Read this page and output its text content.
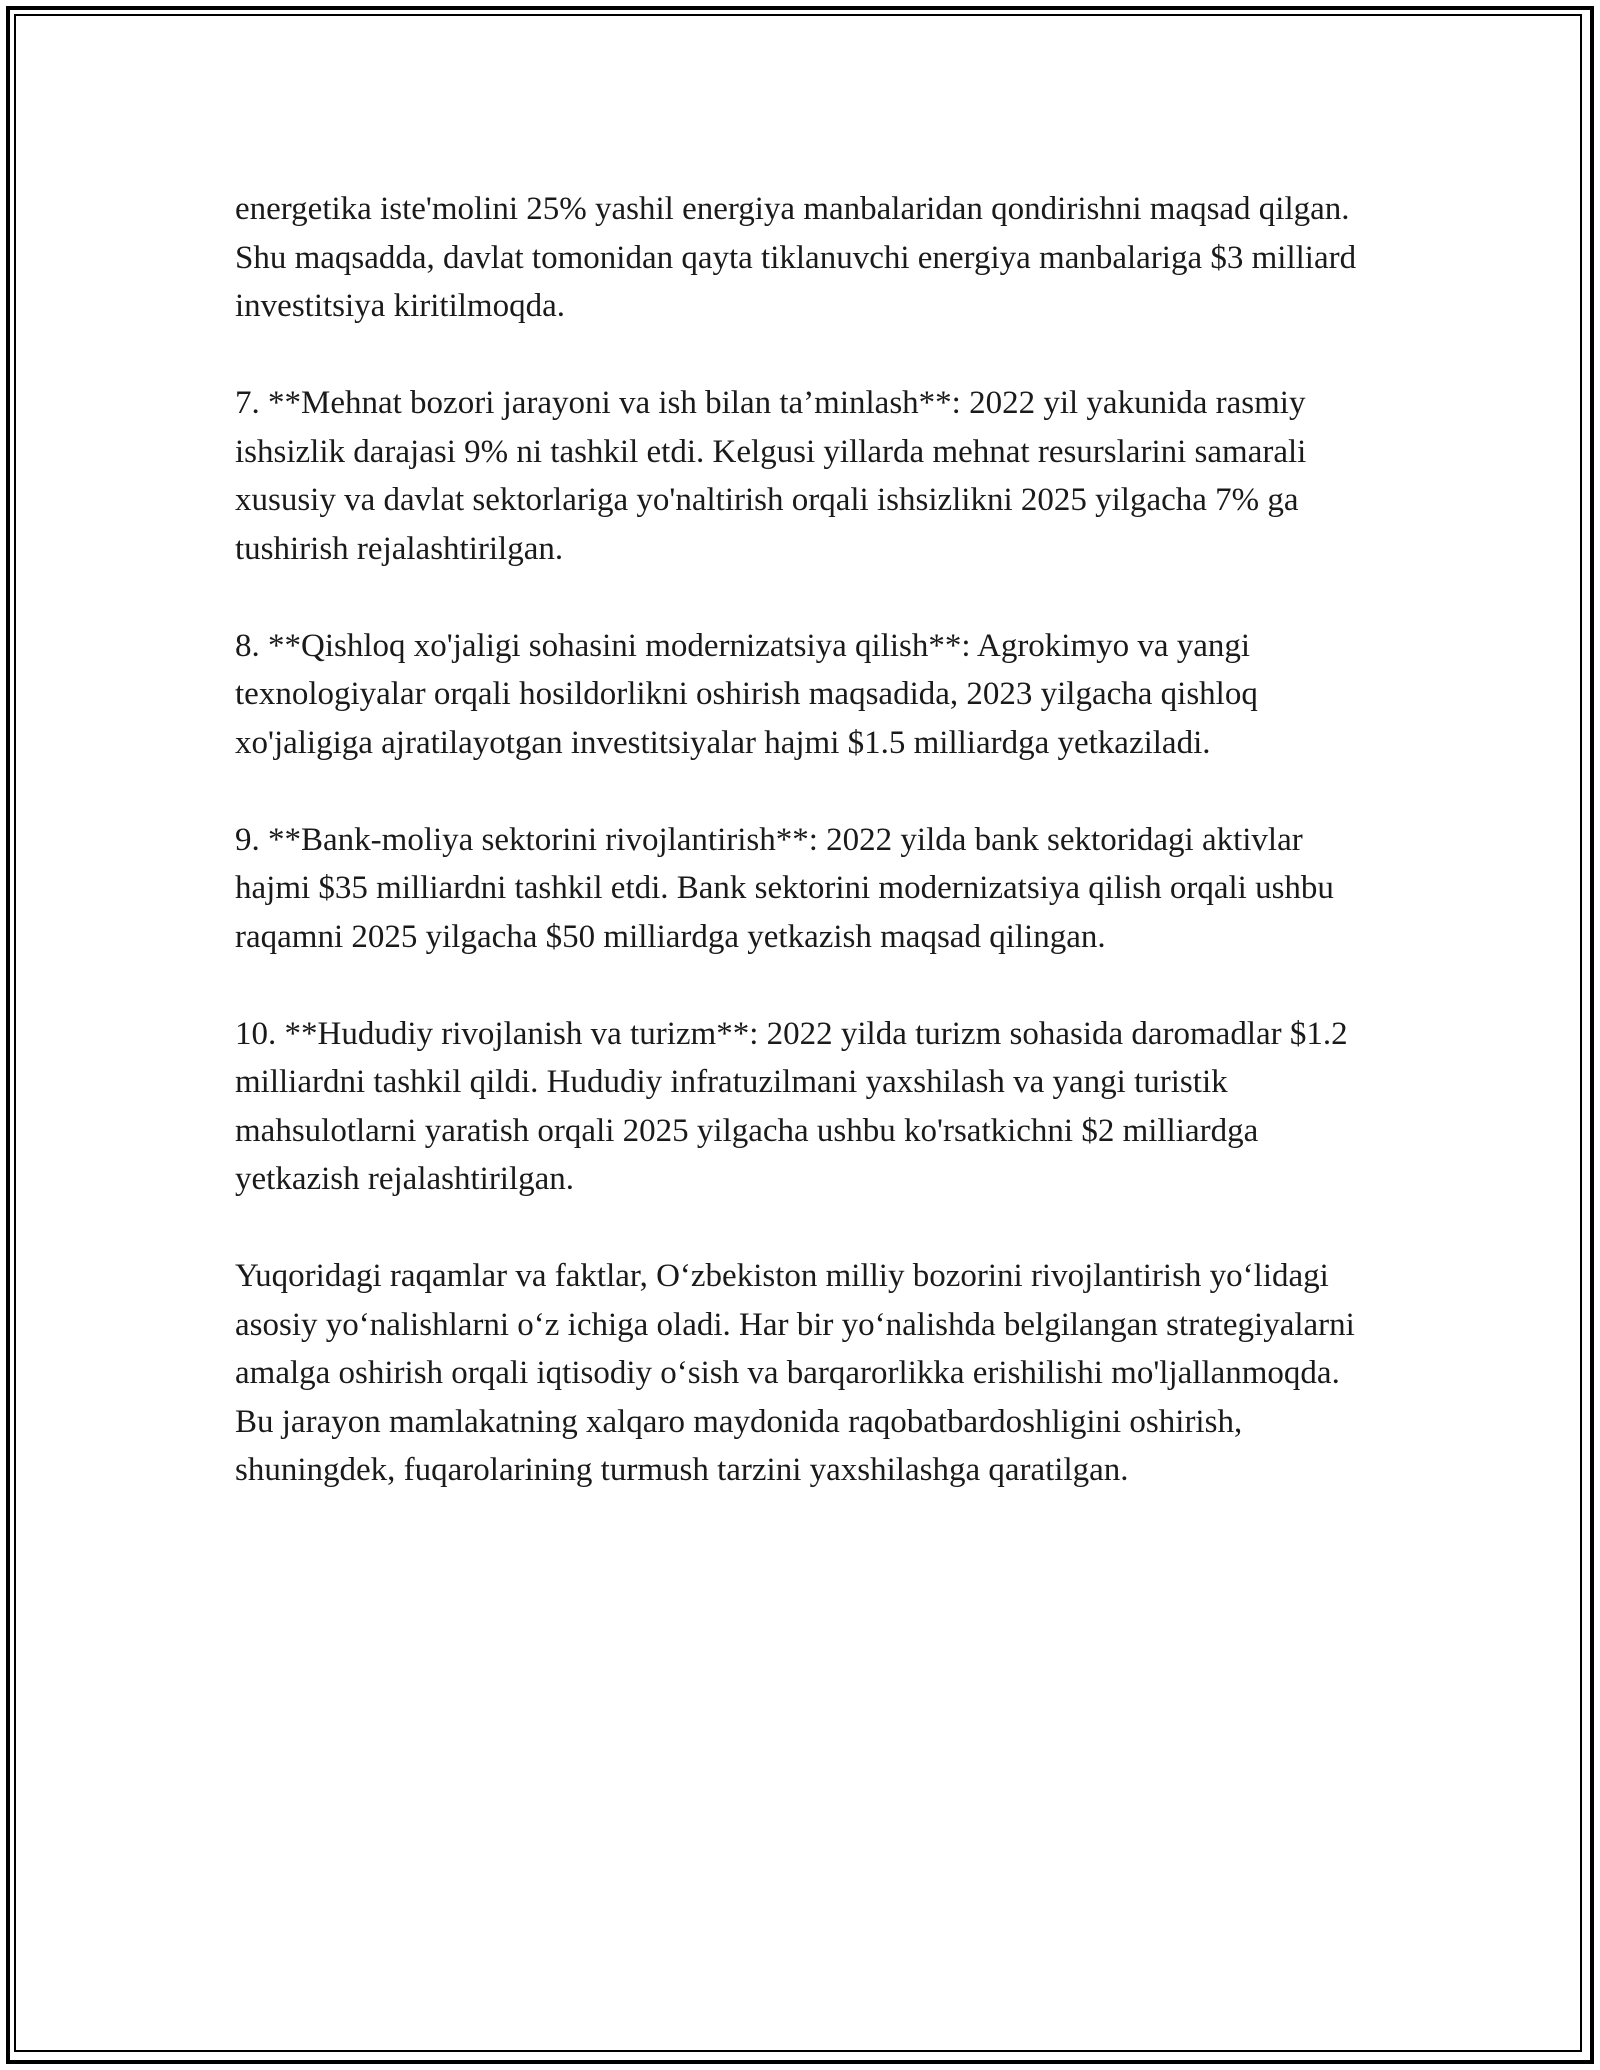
energetika iste'molini 25% yashil energiya manbalaridan qondirishni maqsad qilgan. Shu maqsadda, davlat tomonidan qayta tiklanuvchi energiya manbalariga $3 milliard investitsiya kiritilmoqda.

7. **Mehnat bozori jarayoni va ish bilan ta’minlash**: 2022 yil yakunida rasmiy ishsizlik darajasi 9% ni tashkil etdi. Kelgusi yillarda mehnat resurslarini samarali xususiy va davlat sektorlariga yo'naltirish orqali ishsizlikni 2025 yilgacha 7% ga tushirish rejalashtirilgan.

8. **Qishloq xo'jaligi sohasini modernizatsiya qilish**: Agrokimyo va yangi texnologiyalar orqali hosildorlikni oshirish maqsadida, 2023 yilgacha qishloq xo'jaligiga ajratilayotgan investitsiyalar hajmi $1.5 milliardga yetkaziladi.

9. **Bank-moliya sektorini rivojlantirish**: 2022 yilda bank sektoridagi aktivlar hajmi $35 milliardni tashkil etdi. Bank sektorini modernizatsiya qilish orqali ushbu raqamni 2025 yilgacha $50 milliardga yetkazish maqsad qilingan.

10. **Hududiy rivojlanish va turizm**: 2022 yilda turizm sohasida daromadlar $1.2 milliardni tashkil qildi. Hududiy infratuzilmani yaxshilash va yangi turistik mahsulotlarni yaratish orqali 2025 yilgacha ushbu ko'rsatkichni $2 milliardga yetkazish rejalashtirilgan.

Yuqoridagi raqamlar va faktlar, O‘zbekiston milliy bozorini rivojlantirish yo‘lidagi asosiy yo‘nalishlarni o‘z ichiga oladi. Har bir yo‘nalishda belgilangan strategiyalarni amalga oshirish orqali iqtisodiy o‘sish va barqarorlikka erishilishi mo'ljallanmoqda. Bu jarayon mamlakatning xalqaro maydonida raqobatbardoshligini oshirish, shuningdek, fuqarolarining turmush tarzini yaxshilashga qaratilgan.
